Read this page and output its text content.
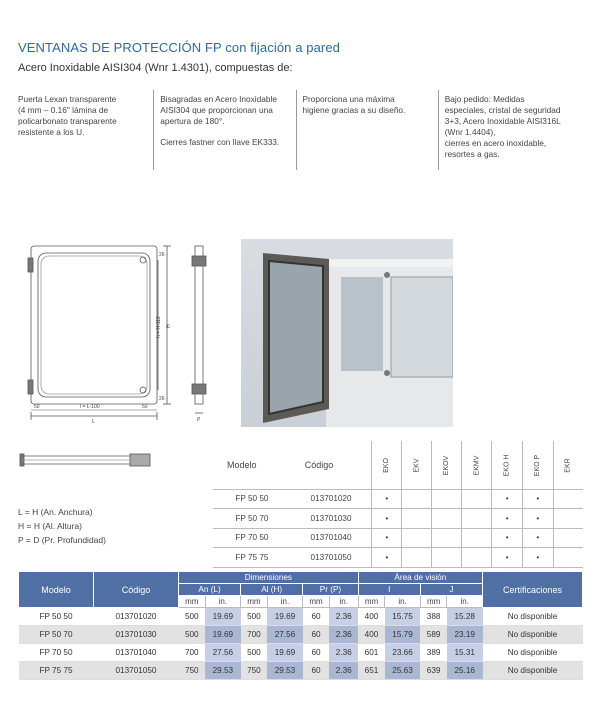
VENTANAS DE PROTECCIÓN FP con fijación a pared
Acero Inoxidable AISI304 (Wnr 1.4301), compuestas de:

Puerta Lexan transparente
(4 mm – 0.16" lámina de
policarbonato transparente
resistente a los U.

Bisagradas en Acero Inoxidable
AISI304 que proporcionan una
apertura de 180°.

Cierres fastner con llave EK333.

Proporciona una máxima
higiene gracias a su diseño.

Bajo pedido: Medidas
especiales, cristal de seguridad
3+3, Acero Inoxidable AISI316L
(Wnr 1.4404),
cierres en acero inoxidable,
resortes a gas.

50	l = L-100	50
L
26
26
h = H-112 H
P
L = H (An. Anchura)
H = H (Al. Altura)
P = D (Pr. Profundidad)
Modelo	Código	EKO	EKV	EKOV	EKMV	EKO H	EKO P	EKR
FP 50 50	013701020	•				•	•	
FP 50 70	013701030	•				•	•	
FP 70 50	013701040	•				•	•	
FP 75 75	013701050	•				•	•	
Modelo	Código	Dimensiones						Área de visión				Certificaciones
		An (L)		Al (H)		Pr (P)		I		J		
		mm	in.	mm	in.	mm	in.	mm	in.	mm	in.	
FP 50 50	013701020	500	19.69	500	19.69	60	2.36	400	15.75	388	15.28	No disponible
FP 50 70	013701030	500	19.69	700	27.56	60	2.36	400	15.79	589	23.19	No disponible
FP 70 50	013701040	700	27.56	500	19.69	60	2.36	601	23.66	389	15.31	No disponible
FP 75 75	013701050	750	29.53	750	29.53	60	2.36	651	25.63	639	25.16	No disponible
